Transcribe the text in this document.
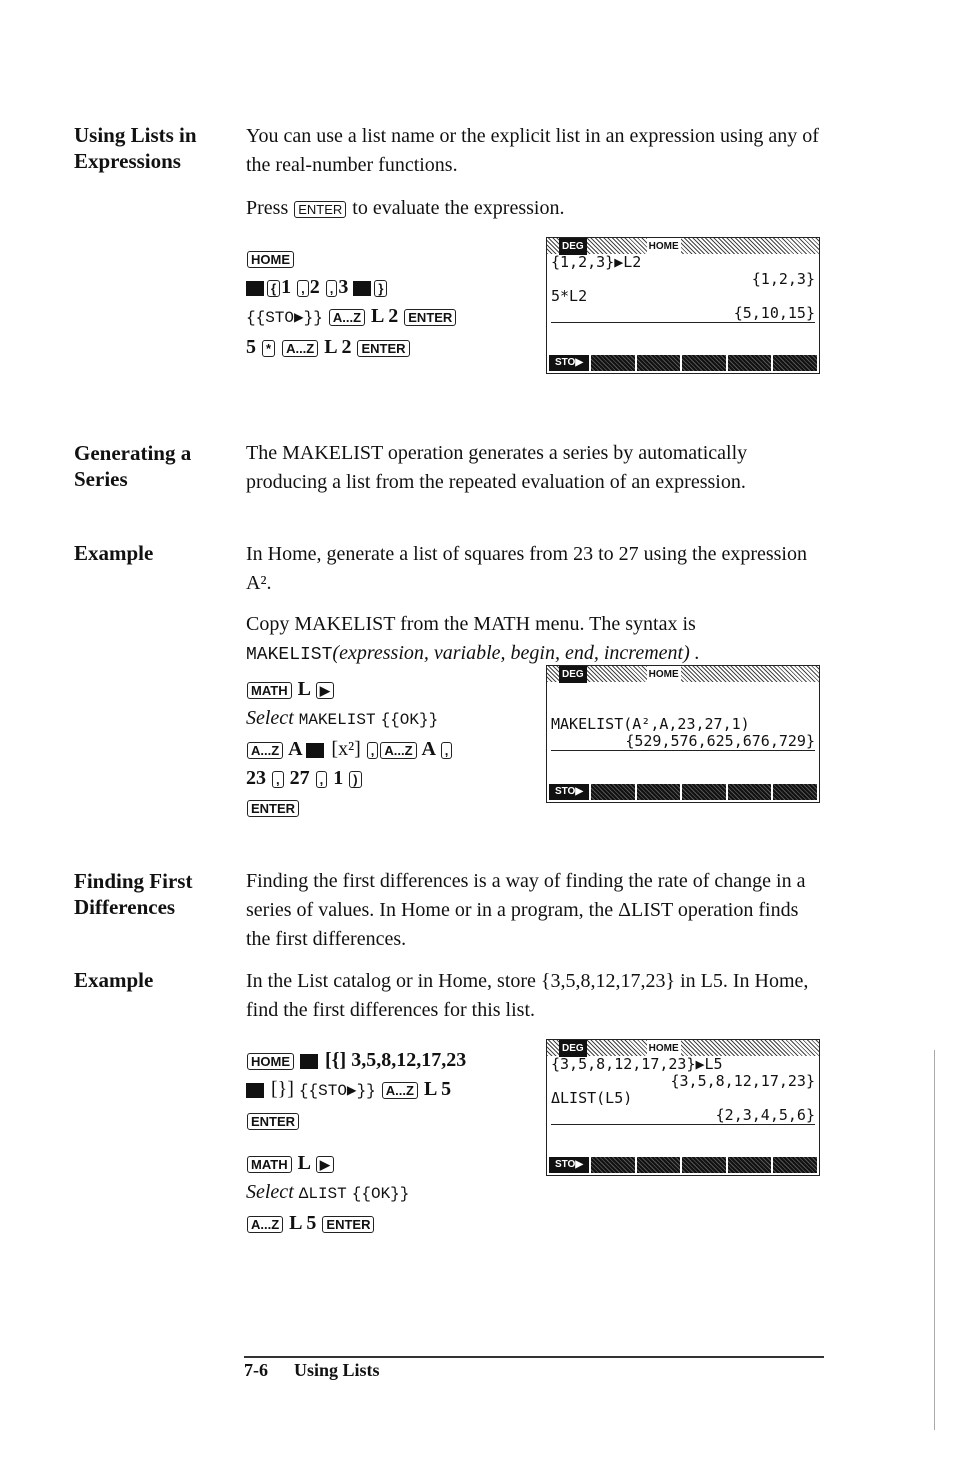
Using Lists in
Expressions

You can use a list name or the explicit list in an expression using any of the real-number functions.

Press ENTER to evaluate the expression.

HOME
{ 1 , 2 , 3 }
{{STO▶}} A...Z L 2 ENTER
5 * A...Z L 2 ENTER
DEG	HOME
{1,2,3}▶L2
{1,2,3}
5*L2
{5,10,15}
STO▶
Generating a
Series

The MAKELIST operation generates a series by automatically producing a list from the repeated evaluation of an expression.

Example	In Home, generate a list of squares from 23 to 27 using the expression A².

Copy MAKELIST from the MATH menu. The syntax is
MAKELIST(expression, variable, begin, end, increment) .

MATH L ▶
Select MAKELIST {{OK}}
A...Z A [x²] , A...Z A ,
23 , 27 , 1 )
ENTER
DEG	HOME
MAKELIST(A²,A,23,27,1)
{529,576,625,676,729}
STO▶
Finding First
Differences

Finding the first differences is a way of finding the rate of change in a series of values. In Home or in a program, the ΔLIST operation finds the first differences.

Example	In the List catalog or in Home, store {3,5,8,12,17,23} in L5. In Home, find the first differences for this list.

HOME [{] 3,5,8,12,17,23
[}] {{STO▶}} A...Z L 5
ENTER
MATH L ▶
Select ΔLIST {{OK}}
A...Z L 5 ENTER
DEG	HOME
{3,5,8,12,17,23}▶L5
{3,5,8,12,17,23}
ΔLIST(L5)
{2,3,4,5,6}
STO▶
7-6 Using Lists
